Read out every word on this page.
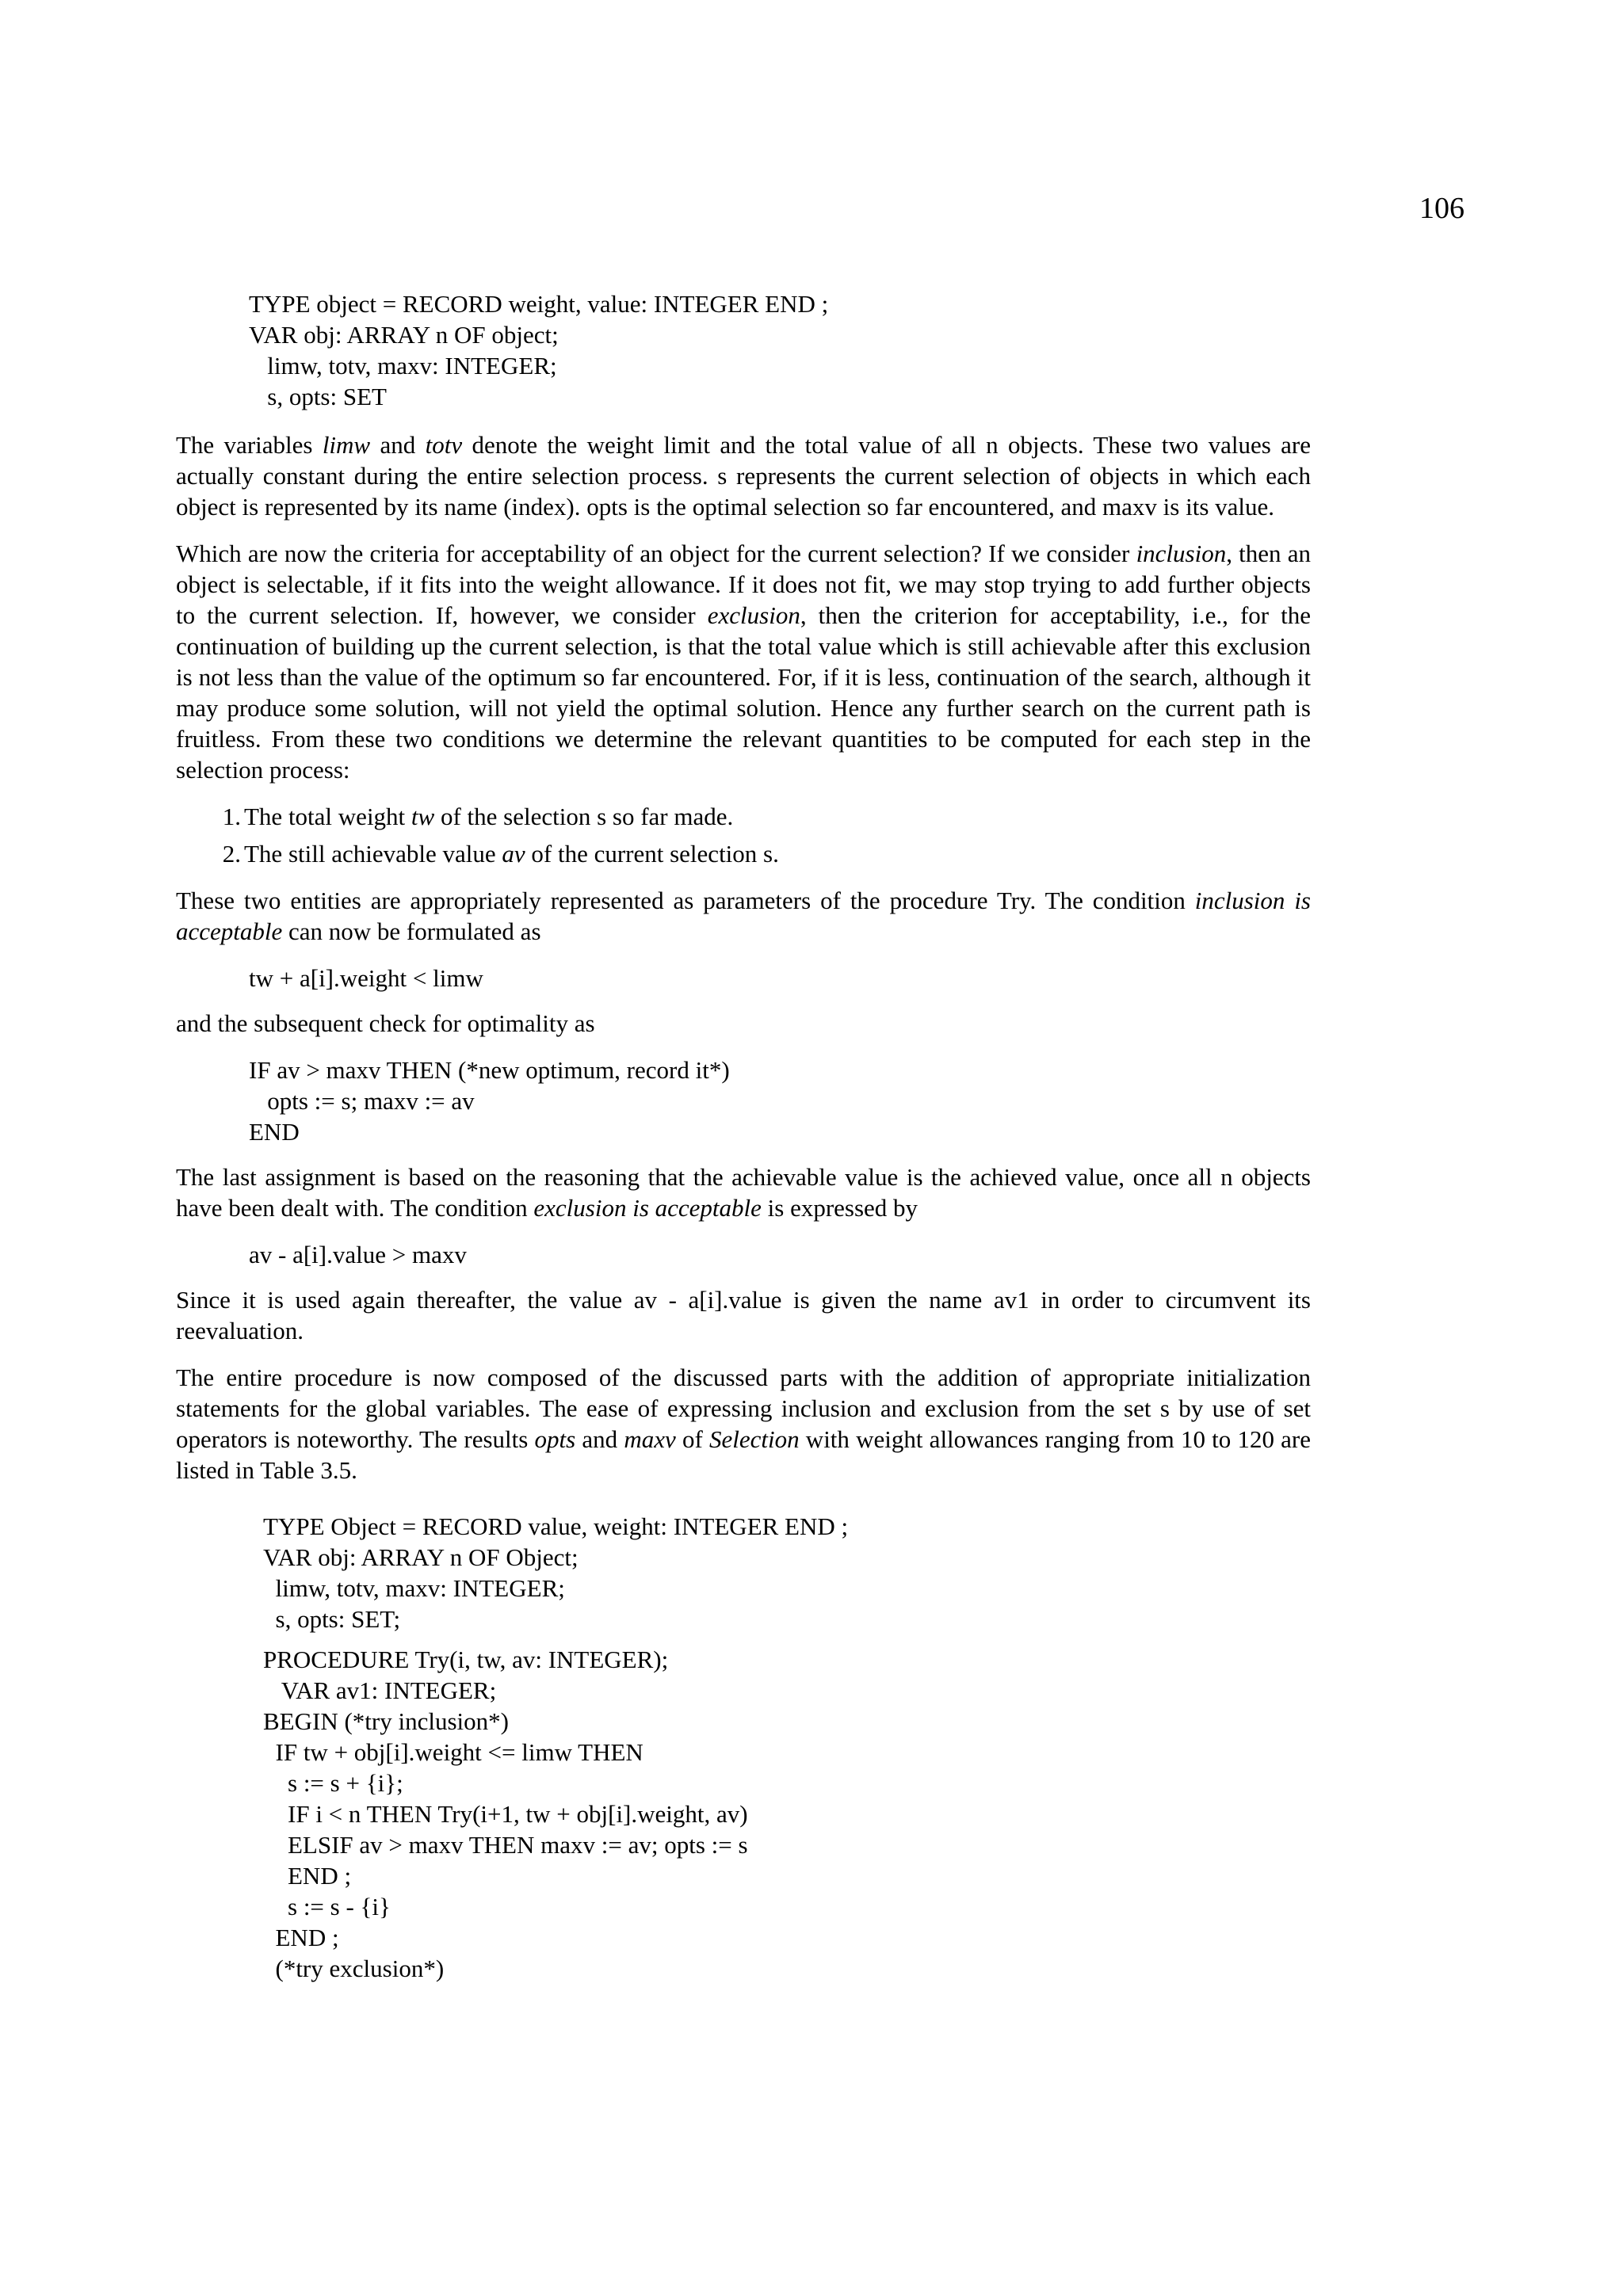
106
TYPE object = RECORD weight, value: INTEGER END ;
VAR obj: ARRAY n OF object;
limw, totv, maxv: INTEGER;
s, opts: SET

The variables limw and totv denote the weight limit and the total value of all n objects. These two values are actually constant during the entire selection process. s represents the current selection of objects in which each object is represented by its name (index). opts is the optimal selection so far encountered, and maxv is its value.

Which are now the criteria for acceptability of an object for the current selection? If we consider inclusion, then an object is selectable, if it fits into the weight allowance. If it does not fit, we may stop trying to add further objects to the current selection. If, however, we consider exclusion, then the criterion for acceptability, i.e., for the continuation of building up the current selection, is that the total value which is still achievable after this exclusion is not less than the value of the optimum so far encountered. For, if it is less, continuation of the search, although it may produce some solution, will not yield the optimal solution. Hence any further search on the current path is fruitless. From these two conditions we determine the relevant quantities to be computed for each step in the selection process:

1. The total weight tw of the selection s so far made.
2. The still achievable value av of the current selection s.

These two entities are appropriately represented as parameters of the procedure Try. The condition inclusion is acceptable can now be formulated as

tw + a[i].weight < limw

and the subsequent check for optimality as

IF av > maxv THEN (*new optimum, record it*)
opts := s; maxv := av
END

The last assignment is based on the reasoning that the achievable value is the achieved value, once all n objects have been dealt with. The condition exclusion is acceptable is expressed by

av - a[i].value > maxv

Since it is used again thereafter, the value av - a[i].value is given the name av1 in order to circumvent its reevaluation.

The entire procedure is now composed of the discussed parts with the addition of appropriate initialization statements for the global variables. The ease of expressing inclusion and exclusion from the set s by use of set operators is noteworthy. The results opts and maxv of Selection with weight allowances ranging from 10 to 120 are listed in Table 3.5.

TYPE Object = RECORD value, weight: INTEGER END ;
VAR obj: ARRAY n OF Object;
limw, totv, maxv: INTEGER;
s, opts: SET;
PROCEDURE Try(i, tw, av: INTEGER);
VAR av1: INTEGER;
BEGIN (*try inclusion*)
IF tw + obj[i].weight <= limw THEN
s := s + {i};
IF i < n THEN Try(i+1, tw + obj[i].weight, av)
ELSIF av > maxv THEN maxv := av; opts := s
END ;
s := s - {i}
END ;
(*try exclusion*)
